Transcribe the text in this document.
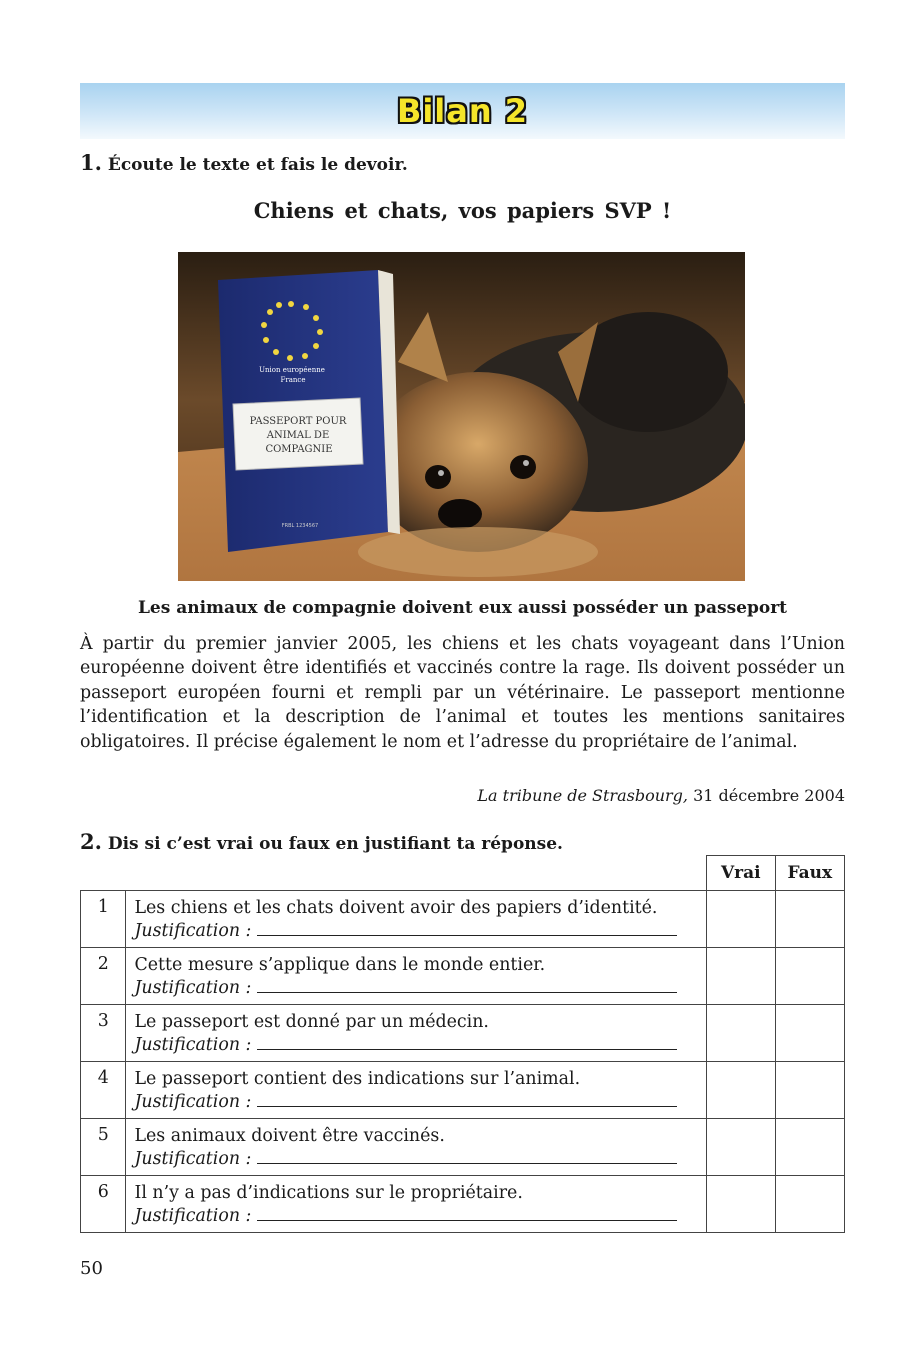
Bilan 2
1. Écoute le texte et fais le devoir.
Chiens et chats, vos papiers SVP !
Union européenne
France
PASSEPORT POUR
ANIMAL DE
COMPAGNIE
FRBL 1234567
Les animaux de compagnie doivent eux aussi posséder un passeport

À partir du premier janvier 2005, les chiens et les chats voyageant dans l’Union européenne doivent être identifiés et vaccinés contre la rage. Ils doivent posséder un passeport européen fourni et rempli par un vétérinaire. Le passeport mentionne l’identification et la description de l’animal et toutes les mentions sanitaires obligatoires. Il précise également le nom et l’adresse du propriétaire de l’animal.

La tribune de Strasbourg, 31 décembre 2004
2. Dis si c’est vrai ou faux en justifiant ta réponse.
		Vrai	Faux
1	Les chiens et les chats doivent avoir des papiers d’identité.
Justification :		

2	Cette mesure s’applique dans le monde entier.
Justification :		

3	Le passeport est donné par un médecin.
Justification :		

4	Le passeport contient des indications sur l’animal.
Justification :		

5	Les animaux doivent être vaccinés.
Justification :		

6	Il n’y a pas d’indications sur le propriétaire.
Justification :		

50
